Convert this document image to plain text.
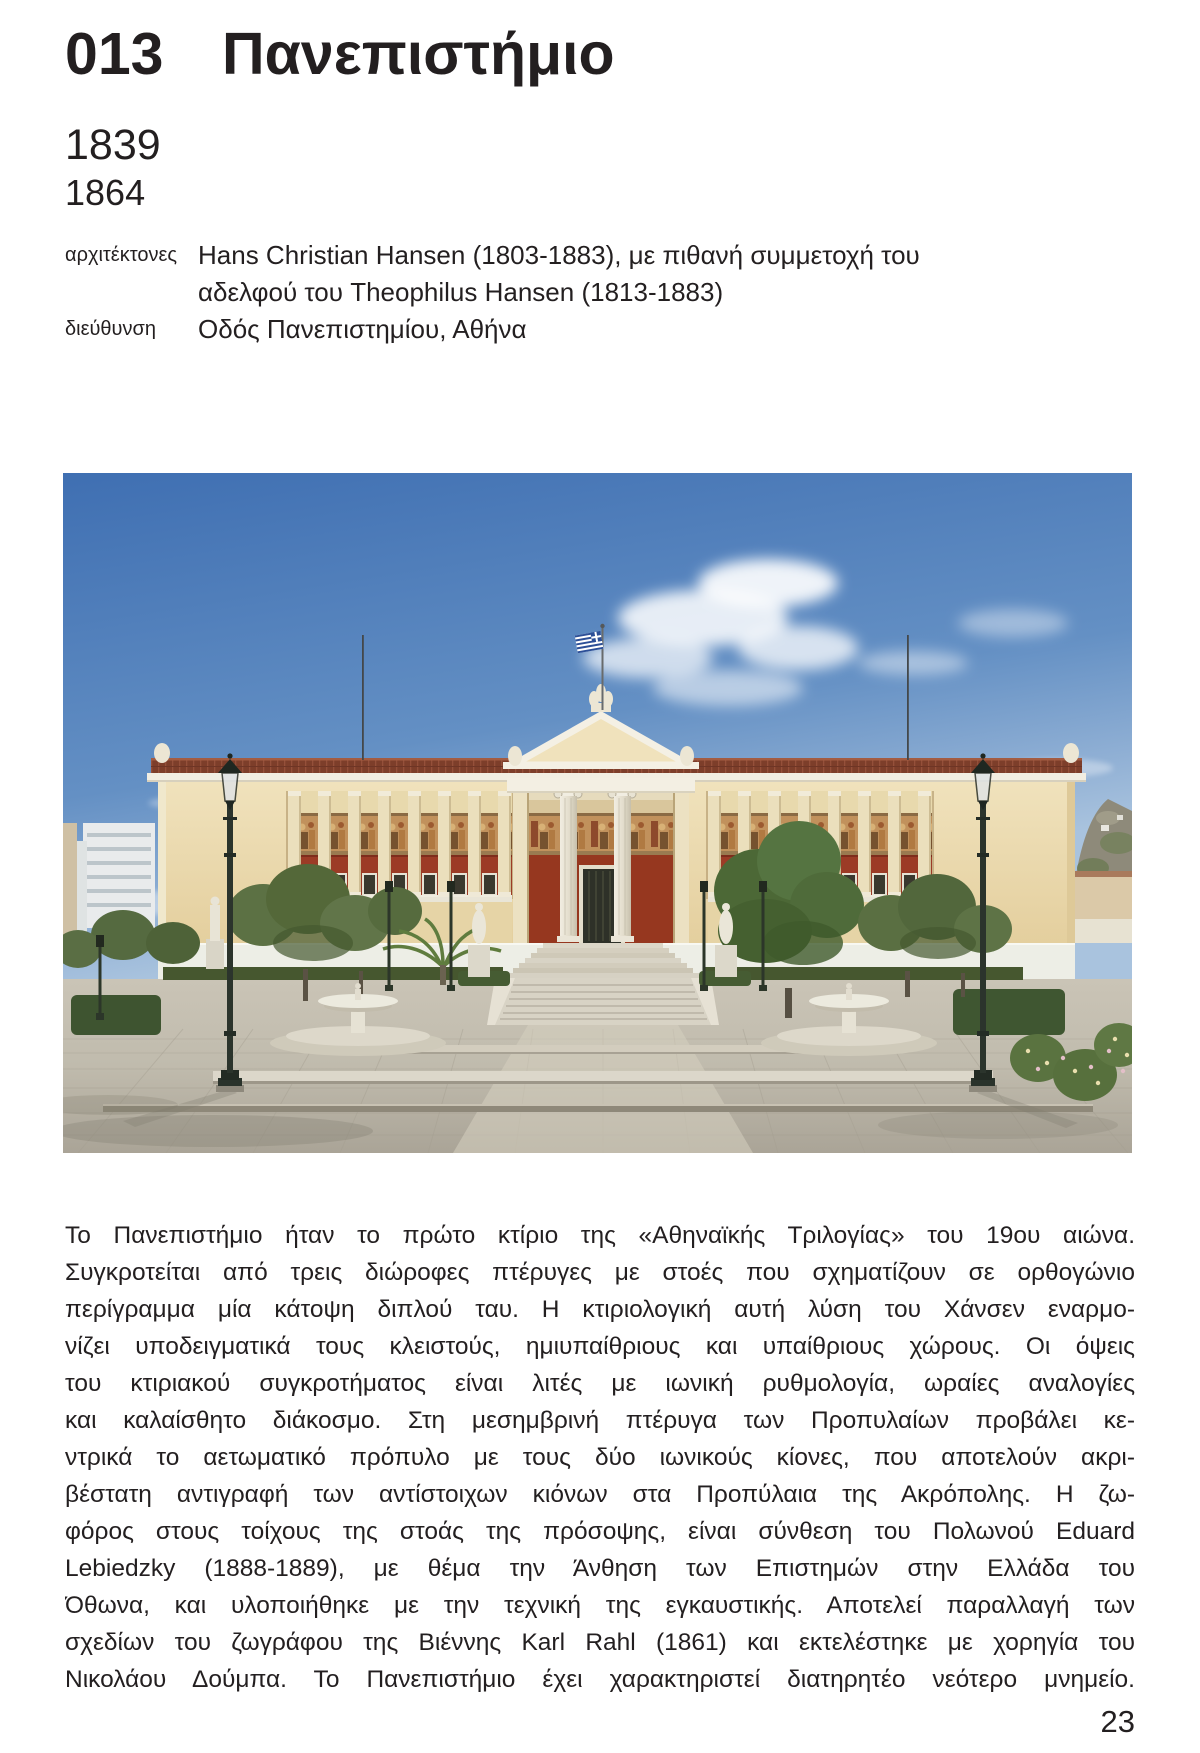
013 Πανεπιστήμιο
1839
1864
αρχιτέκτονες Hans Christian Hansen (1803-1883), με πιθανή συμμετοχή του
αδελφού του Theophilus Hansen (1813-1883)
διεύθυνση	Οδός Πανεπιστημίου, Αθήνα
Το Πανεπιστήμιο ήταν το πρώτο κτίριο της «Αθηναϊκής Τριλογίας» του 19ου αιώνα.
Συγκροτείται από τρεις διώροφες πτέρυγες με στοές που σχηματίζουν σε ορθογώνιο
περίγραμμα μία κάτοψη διπλού ταυ. Η κτιριολογική αυτή λύση του Χάνσεν εναρμο-
νίζει υποδειγματικά τους κλειστούς, ημιυπαίθριους και υπαίθριους χώρους. Οι όψεις
του κτιριακού συγκροτήματος είναι λιτές με ιωνική ρυθμολογία, ωραίες αναλογίες
και καλαίσθητο διάκοσμο. Στη μεσημβρινή πτέρυγα των Προπυλαίων προβάλει κε-
ντρικά το αετωματικό πρόπυλο με τους δύο ιωνικούς κίονες, που αποτελούν ακρι-
βέστατη αντιγραφή των αντίστοιχων κιόνων στα Προπύλαια της Ακρόπολης. Η ζω-
φόρος στους τοίχους της στοάς της πρόσοψης, είναι σύνθεση του Πολωνού Eduard
Lebiedzky (1888-1889), με θέμα την Άνθηση των Επιστημών στην Ελλάδα του
Όθωνα, και υλοποιήθηκε με την τεχνική της εγκαυστικής. Αποτελεί παραλλαγή των
σχεδίων του ζωγράφου της Βιέννης Karl Rahl (1861) και εκτελέστηκε με χορηγία του
Νικολάου Δούμπα. Το Πανεπιστήμιο έχει χαρακτηριστεί διατηρητέο νεότερο μνημείο.
23
